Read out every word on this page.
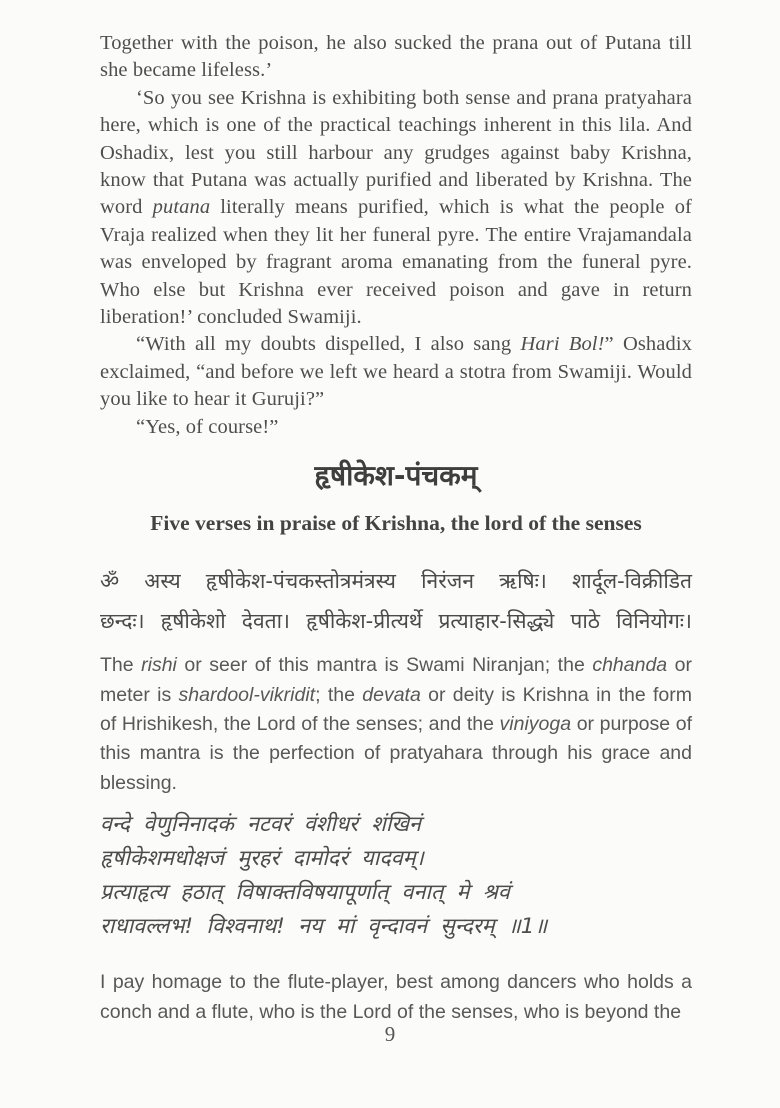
Together with the poison, he also sucked the prana out of Putana till she became lifeless.’

‘So you see Krishna is exhibiting both sense and prana pratyahara here, which is one of the practical teachings inherent in this lila. And Oshadix, lest you still harbour any grudges against baby Krishna, know that Putana was actually purified and liberated by Krishna. The word putana literally means purified, which is what the people of Vraja realized when they lit her funeral pyre. The entire Vrajamandala was enveloped by fragrant aroma emanating from the funeral pyre. Who else but Krishna ever received poison and gave in return liberation!’ concluded Swamiji.

“With all my doubts dispelled, I also sang Hari Bol!” Oshadix exclaimed, “and before we left we heard a stotra from Swamiji. Would you like to hear it Guruji?”

“Yes, of course!”

हृषीकेश-पंचकम्
Five verses in praise of Krishna, the lord of the senses
ॐ अस्य हृषीकेश-पंचकस्तोत्रमंत्रस्य निरंजन ऋषिः। शार्दूल-विक्रीडित
छन्दः। हृषीकेशो देवता। हृषीकेश-प्रीत्यर्थे प्रत्याहार-सिद्ध्ये पाठे विनियोगः।

The rishi or seer of this mantra is Swami Niranjan; the chhanda or meter is shardool-vikridit; the devata or deity is Krishna in the form of Hrishikesh, the Lord of the senses; and the viniyoga or purpose of this mantra is the perfection of pratyahara through his grace and blessing.

वन्दे वेणुनिनादकं नटवरं वंशीधरं शंखिनं
हृषीकेशमधोक्षजं मुरहरं दामोदरं यादवम्।
प्रत्याहृत्य हठात् विषाक्तविषयापूर्णात् वनात् मे श्रवं
राधावल्लभ! विश्वनाथ! नय मां वृन्दावनं सुन्दरम् ॥1॥

I pay homage to the flute-player, best among dancers who holds a conch and a flute, who is the Lord of the senses, who is beyond the

9
